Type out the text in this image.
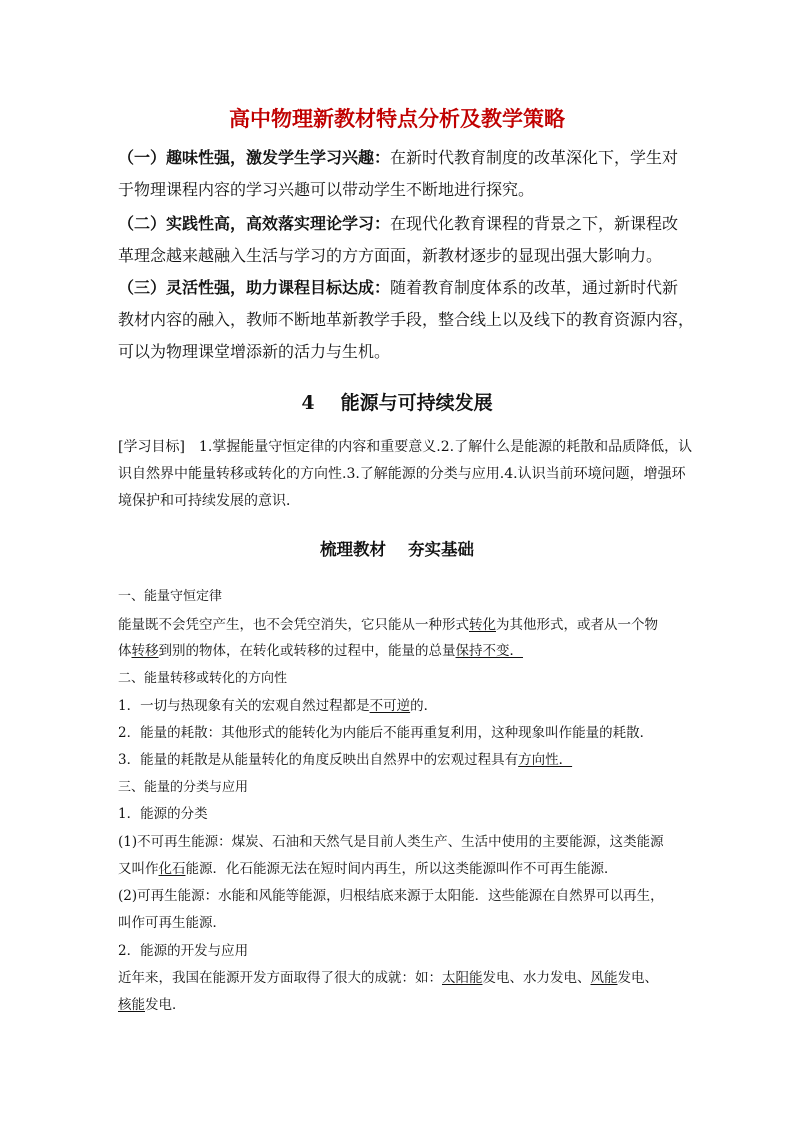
高中物理新教材特点分析及教学策略
（一）趣味性强，激发学生学习兴趣：在新时代教育制度的改革深化下，学生对
于物理课程内容的学习兴趣可以带动学生不断地进行探究。
（二）实践性高，高效落实理论学习：在现代化教育课程的背景之下，新课程改
革理念越来越融入生活与学习的方方面面，新教材逐步的显现出强大影响力。
（三）灵活性强，助力课程目标达成：随着教育制度体系的改革，通过新时代新
教材内容的融入，教师不断地革新教学手段，整合线上以及线下的教育资源内容，
可以为物理课堂增添新的活力与生机。
4 能源与可持续发展
[学习目标]　1.掌握能量守恒定律的内容和重要意义.2.了解什么是能源的耗散和品质降低，认
识自然界中能量转移或转化的方向性.3.了解能源的分类与应用.4.认识当前环境问题，增强环
境保护和可持续发展的意识．
梳理教材 夯实基础
一、能量守恒定律
能量既不会凭空产生，也不会凭空消失，它只能从一种形式转化为其他形式，或者从一个物
体转移到别的物体，在转化或转移的过程中，能量的总量保持不变．
二、能量转移或转化的方向性
1．一切与热现象有关的宏观自然过程都是不可逆的．
2．能量的耗散：其他形式的能转化为内能后不能再重复利用，这种现象叫作能量的耗散．
3．能量的耗散是从能量转化的角度反映出自然界中的宏观过程具有方向性．
三、能量的分类与应用
1．能源的分类
(1)不可再生能源：煤炭、石油和天然气是目前人类生产、生活中使用的主要能源，这类能源
又叫作化石能源．化石能源无法在短时间内再生，所以这类能源叫作不可再生能源．
(2)可再生能源：水能和风能等能源，归根结底来源于太阳能．这些能源在自然界可以再生，
叫作可再生能源．
2．能源的开发与应用
近年来，我国在能源开发方面取得了很大的成就：如：太阳能发电、水力发电、风能发电、
核能发电．
